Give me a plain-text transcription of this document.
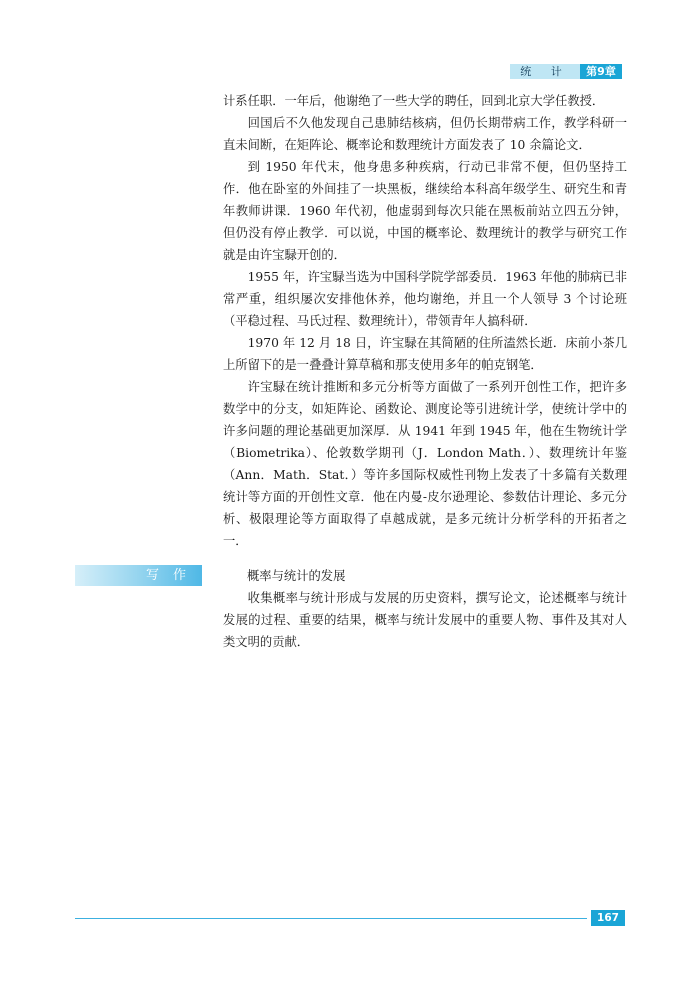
统 计	第9章

计系任职．一年后，他谢绝了一些大学的聘任，回到北京大学任教授．

回国后不久他发现自己患肺结核病，但仍长期带病工作，教学科研一直未间断，在矩阵论、概率论和数理统计方面发表了 10 余篇论文．

到 1950 年代末，他身患多种疾病，行动已非常不便，但仍坚持工作．他在卧室的外间挂了一块黑板，继续给本科高年级学生、研究生和青年教师讲课．1960 年代初，他虚弱到每次只能在黑板前站立四五分钟，但仍没有停止教学．可以说，中国的概率论、数理统计的教学与研究工作就是由许宝騄开创的．

1955 年，许宝騄当选为中国科学院学部委员．1963 年他的肺病已非常严重，组织屡次安排他休养，他均谢绝，并且一个人领导 3 个讨论班（平稳过程、马氏过程、数理统计），带领青年人搞科研．

1970 年 12 月 18 日，许宝騄在其简陋的住所溘然长逝．床前小茶几上所留下的是一叠叠计算草稿和那支使用多年的帕克钢笔．

许宝騄在统计推断和多元分析等方面做了一系列开创性工作，把许多数学中的分支，如矩阵论、函数论、测度论等引进统计学，使统计学中的许多问题的理论基础更加深厚．从 1941 年到 1945 年，他在生物统计学（Biometrika）、伦敦数学期刊（J．London Math．）、数理统计年鉴（Ann．Math．Stat．）等许多国际权威性刊物上发表了十多篇有关数理统计等方面的开创性文章．他在内曼-皮尔逊理论、参数估计理论、多元分析、极限理论等方面取得了卓越成就，是多元统计分析学科的开拓者之一．

写作	概率与统计的发展

收集概率与统计形成与发展的历史资料，撰写论文，论述概率与统计发展的过程、重要的结果，概率与统计发展中的重要人物、事件及其对人类文明的贡献．

167
